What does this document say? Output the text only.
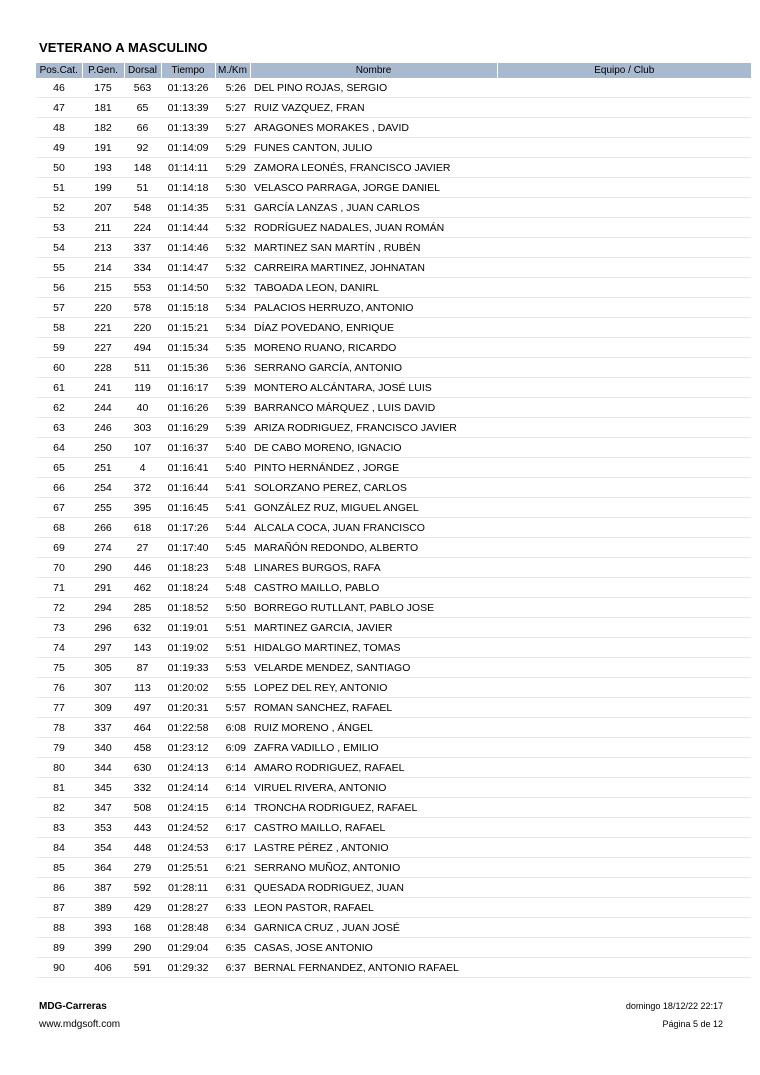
VETERANO A MASCULINO
Pos.Cat.	P.Gen.	Dorsal	Tiempo	M./Km	Nombre	Equipo / Club
46	175	563	01:13:26	5:26	DEL PINO ROJAS, SERGIO	
47	181	65	01:13:39	5:27	RUIZ VAZQUEZ, FRAN	
48	182	66	01:13:39	5:27	ARAGONES MORAKES , DAVID	
49	191	92	01:14:09	5:29	FUNES CANTON, JULIO	
50	193	148	01:14:11	5:29	ZAMORA LEONÉS, FRANCISCO JAVIER	
51	199	51	01:14:18	5:30	VELASCO PARRAGA, JORGE DANIEL	
52	207	548	01:14:35	5:31	GARCÍA LANZAS , JUAN CARLOS	
53	211	224	01:14:44	5:32	RODRÍGUEZ NADALES, JUAN ROMÁN	
54	213	337	01:14:46	5:32	MARTINEZ SAN MARTÍN , RUBÉN	
55	214	334	01:14:47	5:32	CARREIRA MARTINEZ, JOHNATAN	
56	215	553	01:14:50	5:32	TABOADA LEON, DANIRL	
57	220	578	01:15:18	5:34	PALACIOS HERRUZO, ANTONIO	
58	221	220	01:15:21	5:34	DÍAZ POVEDANO, ENRIQUE	
59	227	494	01:15:34	5:35	MORENO RUANO, RICARDO	
60	228	511	01:15:36	5:36	SERRANO GARCÍA, ANTONIO	
61	241	119	01:16:17	5:39	MONTERO ALCÁNTARA, JOSÉ LUIS	
62	244	40	01:16:26	5:39	BARRANCO MÁRQUEZ , LUIS DAVID	
63	246	303	01:16:29	5:39	ARIZA RODRIGUEZ, FRANCISCO JAVIER	
64	250	107	01:16:37	5:40	DE CABO MORENO, IGNACIO	
65	251	4	01:16:41	5:40	PINTO HERNÁNDEZ , JORGE	
66	254	372	01:16:44	5:41	SOLORZANO PEREZ, CARLOS	
67	255	395	01:16:45	5:41	GONZÁLEZ RUZ, MIGUEL ANGEL	
68	266	618	01:17:26	5:44	ALCALA COCA, JUAN FRANCISCO	
69	274	27	01:17:40	5:45	MARAÑÓN REDONDO, ALBERTO	
70	290	446	01:18:23	5:48	LINARES BURGOS, RAFA	
71	291	462	01:18:24	5:48	CASTRO MAILLO, PABLO	
72	294	285	01:18:52	5:50	BORREGO RUTLLANT, PABLO JOSE	
73	296	632	01:19:01	5:51	MARTINEZ GARCIA, JAVIER	
74	297	143	01:19:02	5:51	HIDALGO MARTINEZ, TOMAS	
75	305	87	01:19:33	5:53	VELARDE MENDEZ, SANTIAGO	
76	307	113	01:20:02	5:55	LOPEZ DEL REY, ANTONIO	
77	309	497	01:20:31	5:57	ROMAN SANCHEZ, RAFAEL	
78	337	464	01:22:58	6:08	RUIZ MORENO , ÁNGEL	
79	340	458	01:23:12	6:09	ZAFRA VADILLO , EMILIO	
80	344	630	01:24:13	6:14	AMARO RODRIGUEZ, RAFAEL	
81	345	332	01:24:14	6:14	VIRUEL RIVERA, ANTONIO	
82	347	508	01:24:15	6:14	TRONCHA RODRIGUEZ, RAFAEL	
83	353	443	01:24:52	6:17	CASTRO MAILLO, RAFAEL	
84	354	448	01:24:53	6:17	LASTRE PÉREZ , ANTONIO	
85	364	279	01:25:51	6:21	SERRANO MUÑOZ, ANTONIO	
86	387	592	01:28:11	6:31	QUESADA RODRIGUEZ, JUAN	
87	389	429	01:28:27	6:33	LEON PASTOR, RAFAEL	
88	393	168	01:28:48	6:34	GARNICA CRUZ , JUAN JOSÉ	
89	399	290	01:29:04	6:35	CASAS, JOSE ANTONIO	
90	406	591	01:29:32	6:37	BERNAL FERNANDEZ, ANTONIO RAFAEL	
MDG-Carreras
www.mdgsoft.com
domingo 18/12/22 22:17
Página 5 de 12
